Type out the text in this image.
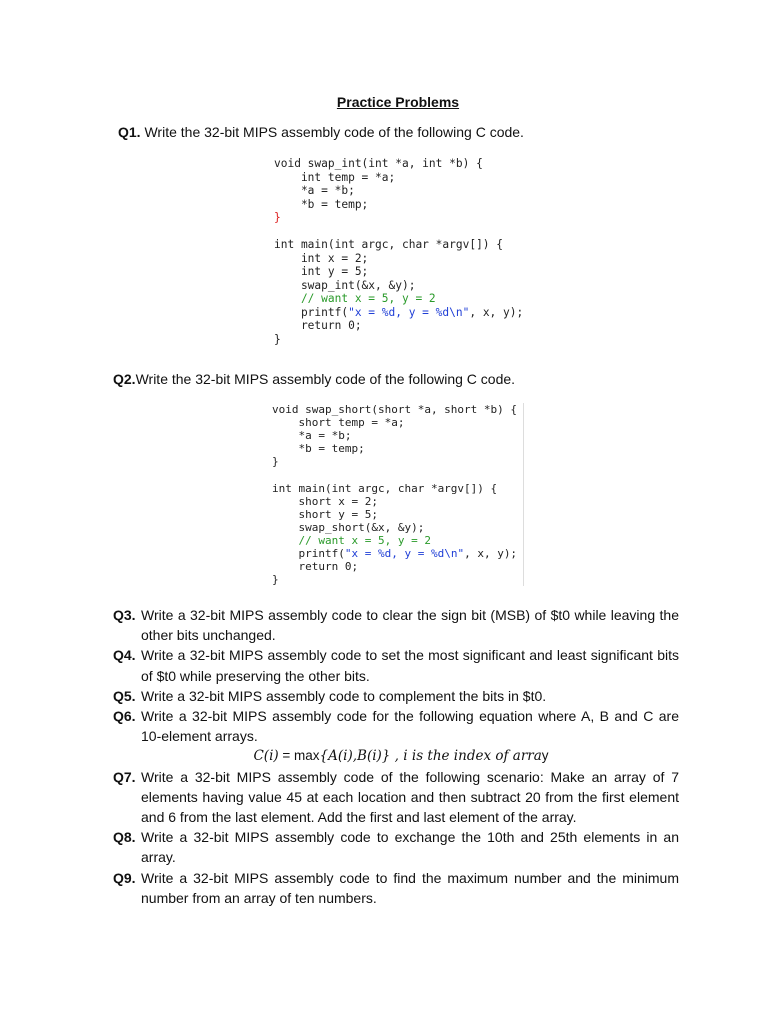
Practice Problems
Q1. Write the 32-bit MIPS assembly code of the following C code.
void swap_int(int *a, int *b) {
int temp = *a;
*a = *b;
*b = temp;
}

int main(int argc, char *argv[]) {
int x = 2;
int y = 5;
swap_int(&x, &y);
// want x = 5, y = 2
printf("x = %d, y = %d\n", x, y);
return 0;
}
Q2.Write the 32-bit MIPS assembly code of the following C code.
void swap_short(short *a, short *b) {
short temp = *a;
*a = *b;
*b = temp;
}

int main(int argc, char *argv[]) {
short x = 2;
short y = 5;
swap_short(&x, &y);
// want x = 5, y = 2
printf("x = %d, y = %d\n", x, y);
return 0;
}
Q3. Write a 32-bit MIPS assembly code to clear the sign bit (MSB) of $t0 while leaving the other bits unchanged.
Q4. Write a 32-bit MIPS assembly code to set the most significant and least significant bits of $t0 while preserving the other bits.
Q5. Write a 32-bit MIPS assembly code to complement the bits in $t0.
Q6. Write a 32-bit MIPS assembly code for the following equation where A, B and C are 10-element arrays.
C(i) = max{A(i),B(i)} , i is the index of array
Q7. Write a 32-bit MIPS assembly code of the following scenario: Make an array of 7 elements having value 45 at each location and then subtract 20 from the first element and 6 from the last element. Add the first and last element of the array.
Q8. Write a 32-bit MIPS assembly code to exchange the 10th and 25th elements in an array.
Q9. Write a 32-bit MIPS assembly code to find the maximum number and the minimum number from an array of ten numbers.
